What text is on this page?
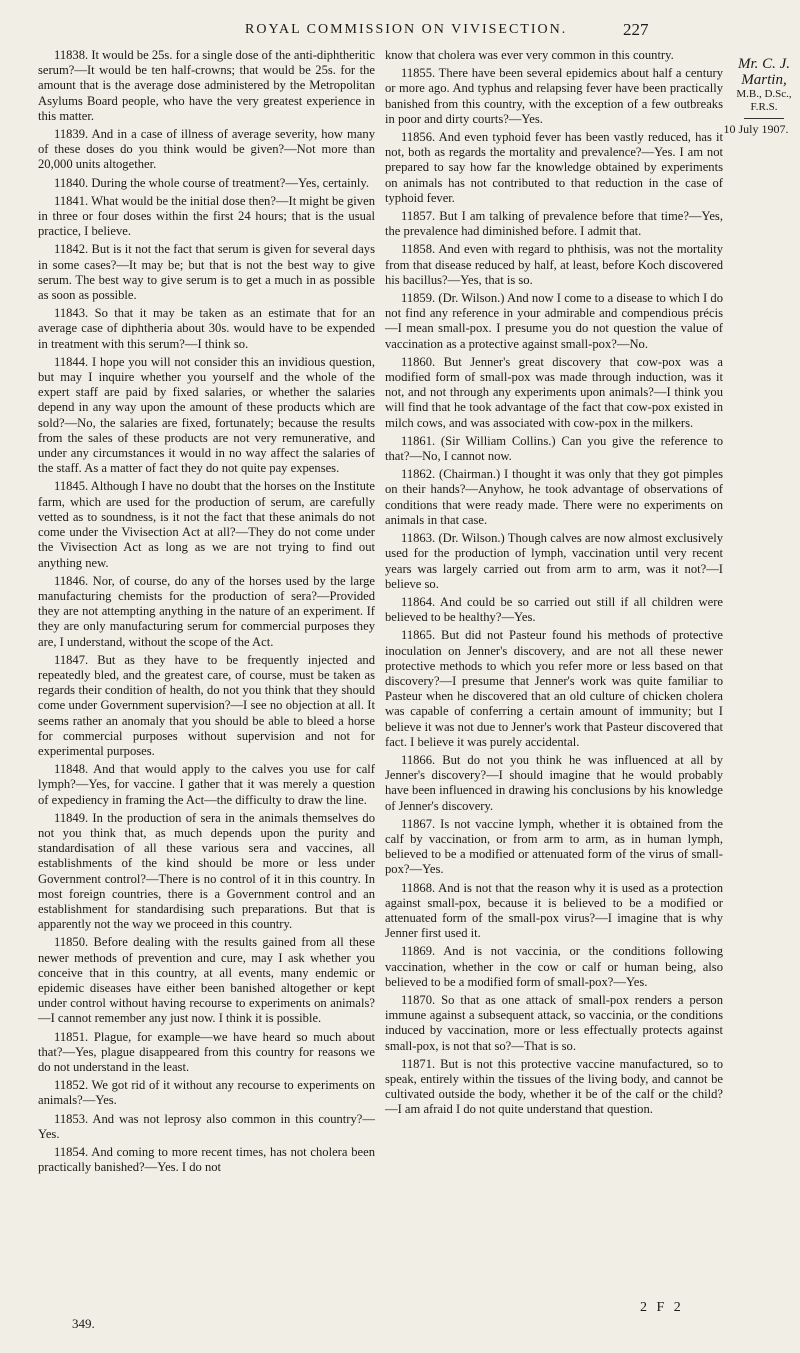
ROYAL COMMISSION ON VIVISECTION.	227

11838. It would be 25s. for a single dose of the anti-diphtheritic serum?—It would be ten half-crowns; that would be 25s. for the amount that is the average dose administered by the Metropolitan Asylums Board people, who have the very greatest experience in this matter.

11839. And in a case of illness of average severity, how many of these doses do you think would be given?—Not more than 20,000 units altogether.

11840. During the whole course of treatment?—Yes, certainly.

11841. What would be the initial dose then?—It might be given in three or four doses within the first 24 hours; that is the usual practice, I believe.

11842. But is it not the fact that serum is given for several days in some cases?—It may be; but that is not the best way to give serum. The best way to give serum is to get a much in as possible as soon as possible.

11843. So that it may be taken as an estimate that for an average case of diphtheria about 30s. would have to be expended in treatment with this serum?—I think so.

11844. I hope you will not consider this an invidious question, but may I inquire whether you yourself and the whole of the expert staff are paid by fixed salaries, or whether the salaries depend in any way upon the amount of these products which are sold?—No, the salaries are fixed, fortunately; because the results from the sales of these products are not very remunerative, and under any circumstances it would in no way affect the salaries of the staff. As a matter of fact they do not quite pay expenses.

11845. Although I have no doubt that the horses on the Institute farm, which are used for the production of serum, are carefully vetted as to soundness, is it not the fact that these animals do not come under the Vivisection Act at all?—They do not come under the Vivisection Act as long as we are not trying to find out anything new.

11846. Nor, of course, do any of the horses used by the large manufacturing chemists for the production of sera?—Provided they are not attempting anything in the nature of an experiment. If they are only manufacturing serum for commercial purposes they are, I understand, without the scope of the Act.

11847. But as they have to be frequently injected and repeatedly bled, and the greatest care, of course, must be taken as regards their condition of health, do not you think that they should come under Government supervision?—I see no objection at all. It seems rather an anomaly that you should be able to bleed a horse for commercial purposes without supervision and not for experimental purposes.

11848. And that would apply to the calves you use for calf lymph?—Yes, for vaccine. I gather that it was merely a question of expediency in framing the Act—the difficulty to draw the line.

11849. In the production of sera in the animals themselves do not you think that, as much depends upon the purity and standardisation of all these various sera and vaccines, all establishments of the kind should be more or less under Government control?—There is no control of it in this country. In most foreign countries, there is a Government control and an establishment for standardising such preparations. But that is apparently not the way we proceed in this country.

11850. Before dealing with the results gained from all these newer methods of prevention and cure, may I ask whether you conceive that in this country, at all events, many endemic or epidemic diseases have either been banished altogether or kept under control without having recourse to experiments on animals?—I cannot remember any just now. I think it is possible.

11851. Plague, for example—we have heard so much about that?—Yes, plague disappeared from this country for reasons we do not understand in the least.

11852. We got rid of it without any recourse to experiments on animals?—Yes.

11853. And was not leprosy also common in this country?—Yes.

11854. And coming to more recent times, has not cholera been practically banished?—Yes. I do not

know that cholera was ever very common in this country.

11855. There have been several epidemics about half a century or more ago. And typhus and relapsing fever have been practically banished from this country, with the exception of a few outbreaks in poor and dirty courts?—Yes.

11856. And even typhoid fever has been vastly reduced, has it not, both as regards the mortality and prevalence?—Yes. I am not prepared to say how far the knowledge obtained by experiments on animals has not contributed to that reduction in the case of typhoid fever.

11857. But I am talking of prevalence before that time?—Yes, the prevalence had diminished before. I admit that.

11858. And even with regard to phthisis, was not the mortality from that disease reduced by half, at least, before Koch discovered his bacillus?—Yes, that is so.

11859. (Dr. Wilson.) And now I come to a disease to which I do not find any reference in your admirable and compendious précis—I mean small-pox. I presume you do not question the value of vaccination as a protective against small-pox?—No.

11860. But Jenner's great discovery that cow-pox was a modified form of small-pox was made through induction, was it not, and not through any experiments upon animals?—I think you will find that he took advantage of the fact that cow-pox existed in milch cows, and was associated with cow-pox in the milkers.

11861. (Sir William Collins.) Can you give the reference to that?—No, I cannot now.

11862. (Chairman.) I thought it was only that they got pimples on their hands?—Anyhow, he took advantage of observations of conditions that were ready made. There were no experiments on animals in that case.

11863. (Dr. Wilson.) Though calves are now almost exclusively used for the production of lymph, vaccination until very recent years was largely carried out from arm to arm, was it not?—I believe so.

11864. And could be so carried out still if all children were believed to be healthy?—Yes.

11865. But did not Pasteur found his methods of protective inoculation on Jenner's discovery, and are not all these newer protective methods to which you refer more or less based on that discovery?—I presume that Jenner's work was quite familiar to Pasteur when he discovered that an old culture of chicken cholera was capable of conferring a certain amount of immunity; but I believe it was not due to Jenner's work that Pasteur discovered that fact. I believe it was purely accidental.

11866. But do not you think he was influenced at all by Jenner's discovery?—I should imagine that he would probably have been influenced in drawing his conclusions by his knowledge of Jenner's discovery.

11867. Is not vaccine lymph, whether it is obtained from the calf by vaccination, or from arm to arm, as in human lymph, believed to be a modified or attenuated form of the virus of small-pox?—Yes.

11868. And is not that the reason why it is used as a protection against small-pox, because it is believed to be a modified or attenuated form of the small-pox virus?—I imagine that is why Jenner first used it.

11869. And is not vaccinia, or the conditions following vaccination, whether in the cow or calf or human being, also believed to be a modified form of small-pox?—Yes.

11870. So that as one attack of small-pox renders a person immune against a subsequent attack, so vaccinia, or the conditions induced by vaccination, more or less effectually protects against small-pox, is not that so?—That is so.

11871. But is not this protective vaccine manufactured, so to speak, entirely within the tissues of the living body, and cannot be cultivated outside the body, whether it be of the calf or the child?—I am afraid I do not quite understand that question.

Mr. C. J.
Martin,
M.B., D.Sc.,
F.R.S.
10 July 1907.
349.
2 F 2
